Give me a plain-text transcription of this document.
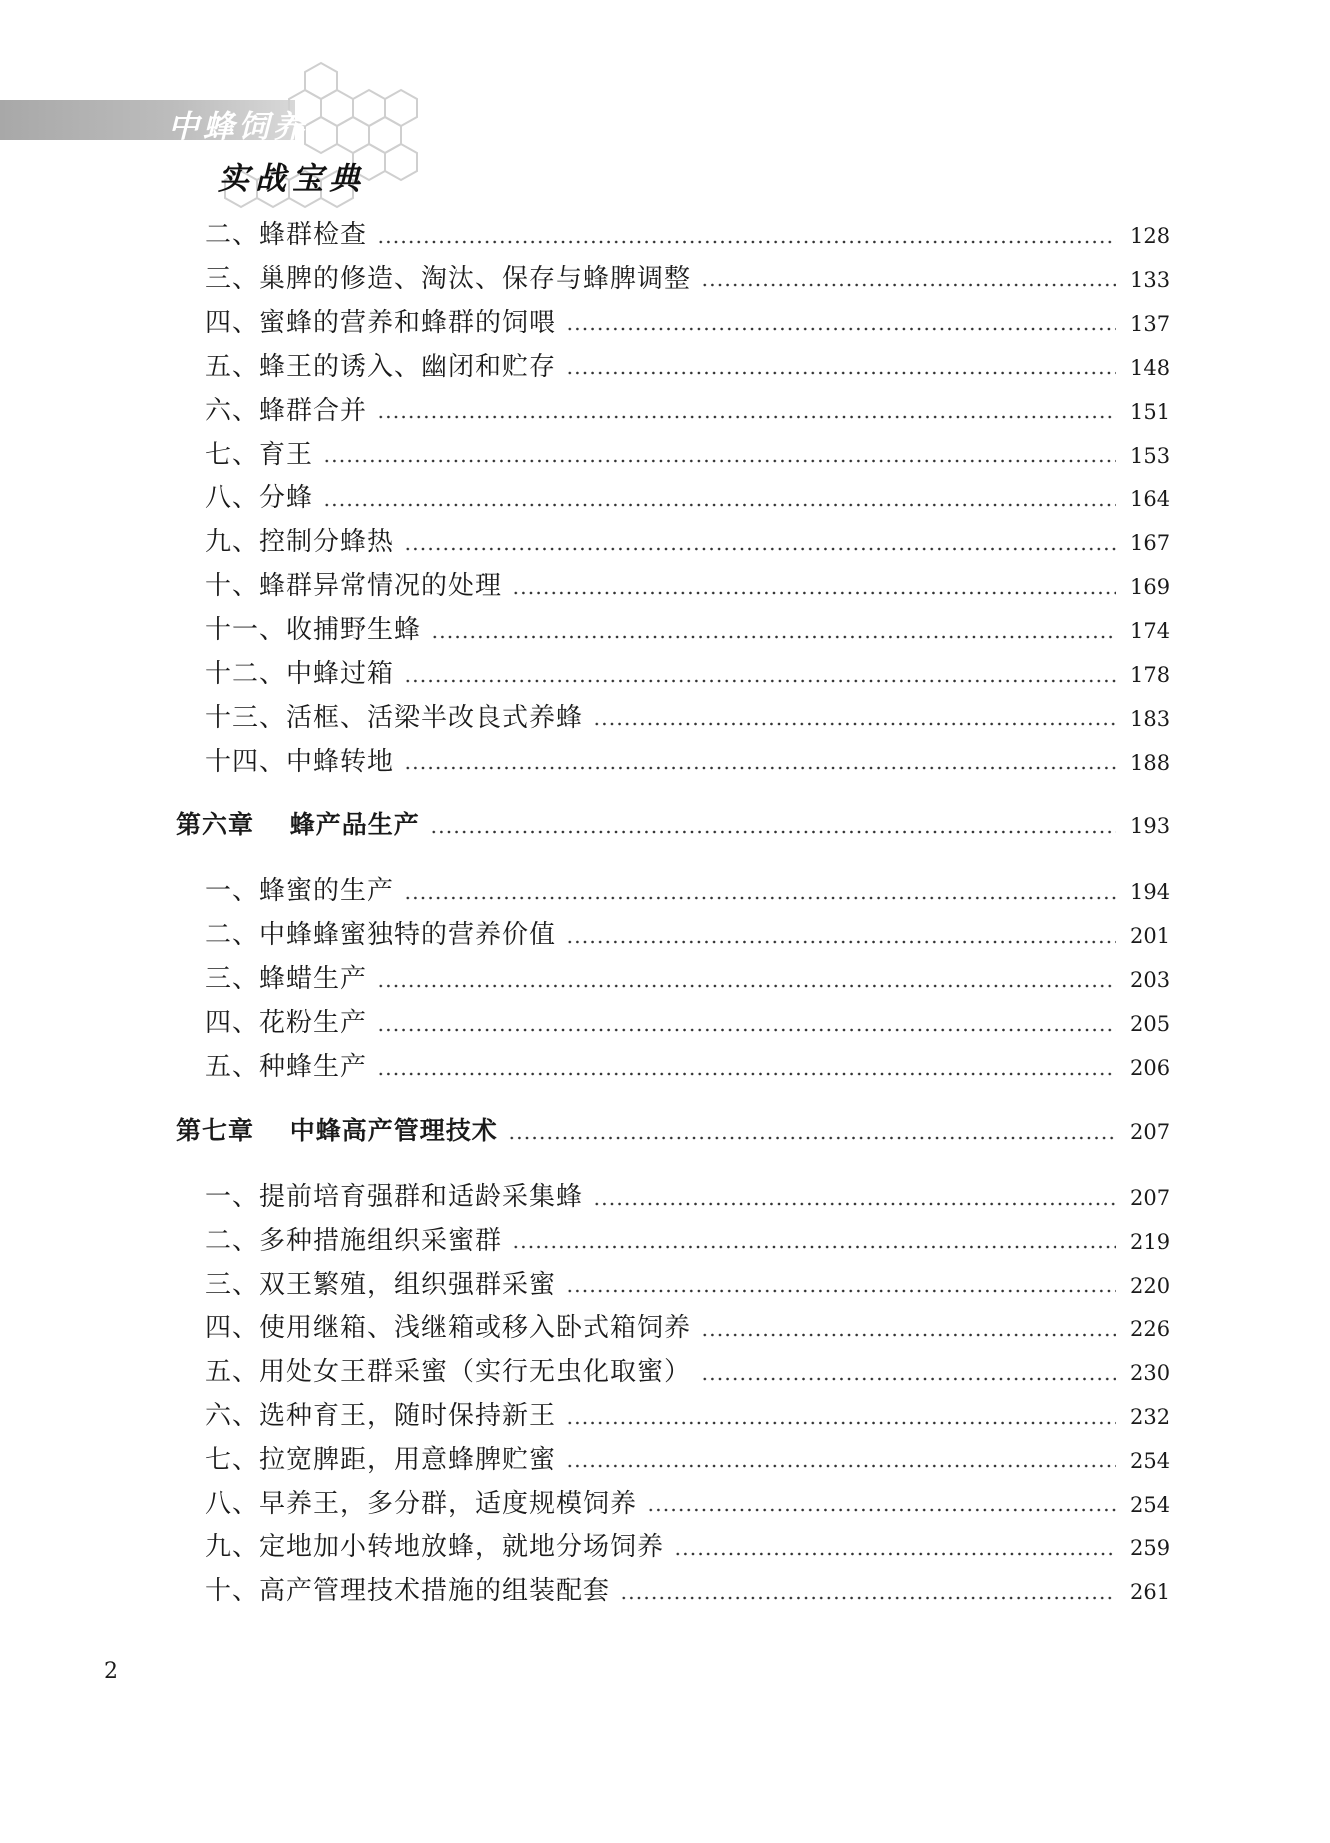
中蜂饲养
实战宝典
二、蜂群检查	128
三、巢脾的修造、淘汰、保存与蜂脾调整	133
四、蜜蜂的营养和蜂群的饲喂	137
五、蜂王的诱入、幽闭和贮存	148
六、蜂群合并	151
七、育王	153
八、分蜂	164
九、控制分蜂热	167
十、蜂群异常情况的处理	169
十一、收捕野生蜂	174
十二、中蜂过箱	178
十三、活框、活梁半改良式养蜂	183
十四、中蜂转地	188
第六章　 蜂产品生产	193
一、蜂蜜的生产	194
二、中蜂蜂蜜独特的营养价值	201
三、蜂蜡生产	203
四、花粉生产	205
五、种蜂生产	206
第七章　 中蜂高产管理技术	207
一、提前培育强群和适龄采集蜂	207
二、多种措施组织采蜜群	219
三、双王繁殖，组织强群采蜜	220
四、使用继箱、浅继箱或移入卧式箱饲养	226
五、用处女王群采蜜（实行无虫化取蜜）	230
六、选种育王，随时保持新王	232
七、拉宽脾距，用意蜂脾贮蜜	254
八、早养王，多分群，适度规模饲养	254
九、定地加小转地放蜂，就地分场饲养	259
十、高产管理技术措施的组装配套	261
2
